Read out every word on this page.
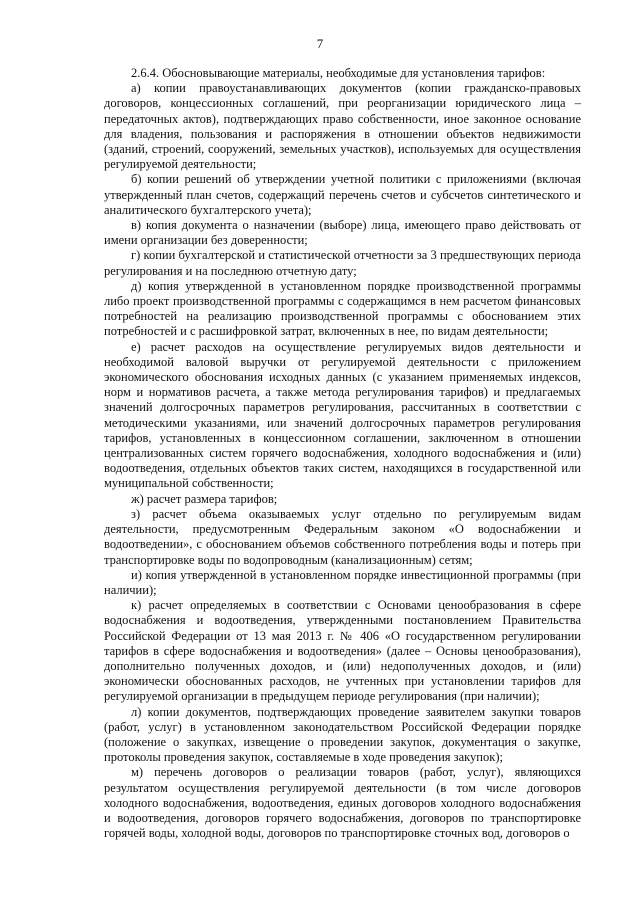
7

2.6.4. Обосновывающие материалы, необходимые для установления тарифов:

а) копии правоустанавливающих документов (копии гражданско-правовых договоров, концессионных соглашений, при реорганизации юридического лица – передаточных актов), подтверждающих право собственности, иное законное основание для владения, пользования и распоряжения в отношении объектов недвижимости (зданий, строений, сооружений, земельных участков), используемых для осуществления регулируемой деятельности;

б) копии решений об утверждении учетной политики с приложениями (включая утвержденный план счетов, содержащий перечень счетов и субсчетов синтетического и аналитического бухгалтерского учета);

в) копия документа о назначении (выборе) лица, имеющего право действовать от имени организации без доверенности;

г) копии бухгалтерской и статистической отчетности за 3 предшествующих периода регулирования и на последнюю отчетную дату;

д) копия утвержденной в установленном порядке производственной программы либо проект производственной программы с содержащимся в нем расчетом финансовых потребностей на реализацию производственной программы с обоснованием этих потребностей и с расшифровкой затрат, включенных в нее, по видам деятельности;

е) расчет расходов на осуществление регулируемых видов деятельности и необходимой валовой выручки от регулируемой деятельности с приложением экономического обоснования исходных данных (с указанием применяемых индексов, норм и нормативов расчета, а также метода регулирования тарифов) и предлагаемых значений долгосрочных параметров регулирования, рассчитанных в соответствии с методическими указаниями, или значений долгосрочных параметров регулирования тарифов, установленных в концессионном соглашении, заключенном в отношении централизованных систем горячего водоснабжения, холодного водоснабжения и (или) водоотведения, отдельных объектов таких систем, находящихся в государственной или муниципальной собственности;

ж) расчет размера тарифов;

з) расчет объема оказываемых услуг отдельно по регулируемым видам деятельности, предусмотренным Федеральным законом «О водоснабжении и водоотведении», с обоснованием объемов собственного потребления воды и потерь при транспортировке воды по водопроводным (канализационным) сетям;

и) копия утвержденной в установленном порядке инвестиционной программы (при наличии);

к) расчет определяемых в соответствии с Основами ценообразования в сфере водоснабжения и водоотведения, утвержденными постановлением Правительства Российской Федерации от 13 мая 2013 г. № 406 «О государственном регулировании тарифов в сфере водоснабжения и водоотведения» (далее – Основы ценообразования), дополнительно полученных доходов, и (или) недополученных доходов, и (или) экономически обоснованных расходов, не учтенных при установлении тарифов для регулируемой организации в предыдущем периоде регулирования (при наличии);

л) копии документов, подтверждающих проведение заявителем закупки товаров (работ, услуг) в установленном законодательством Российской Федерации порядке (положение о закупках, извещение о проведении закупок, документация о закупке, протоколы проведения закупок, составляемые в ходе проведения закупок);

м) перечень договоров о реализации товаров (работ, услуг), являющихся результатом осуществления регулируемой деятельности (в том числе договоров холодного водоснабжения, водоотведения, единых договоров холодного водоснабжения и водоотведения, договоров горячего водоснабжения, договоров по транспортировке горячей воды, холодной воды, договоров по транспортировке сточных вод, договоров о
